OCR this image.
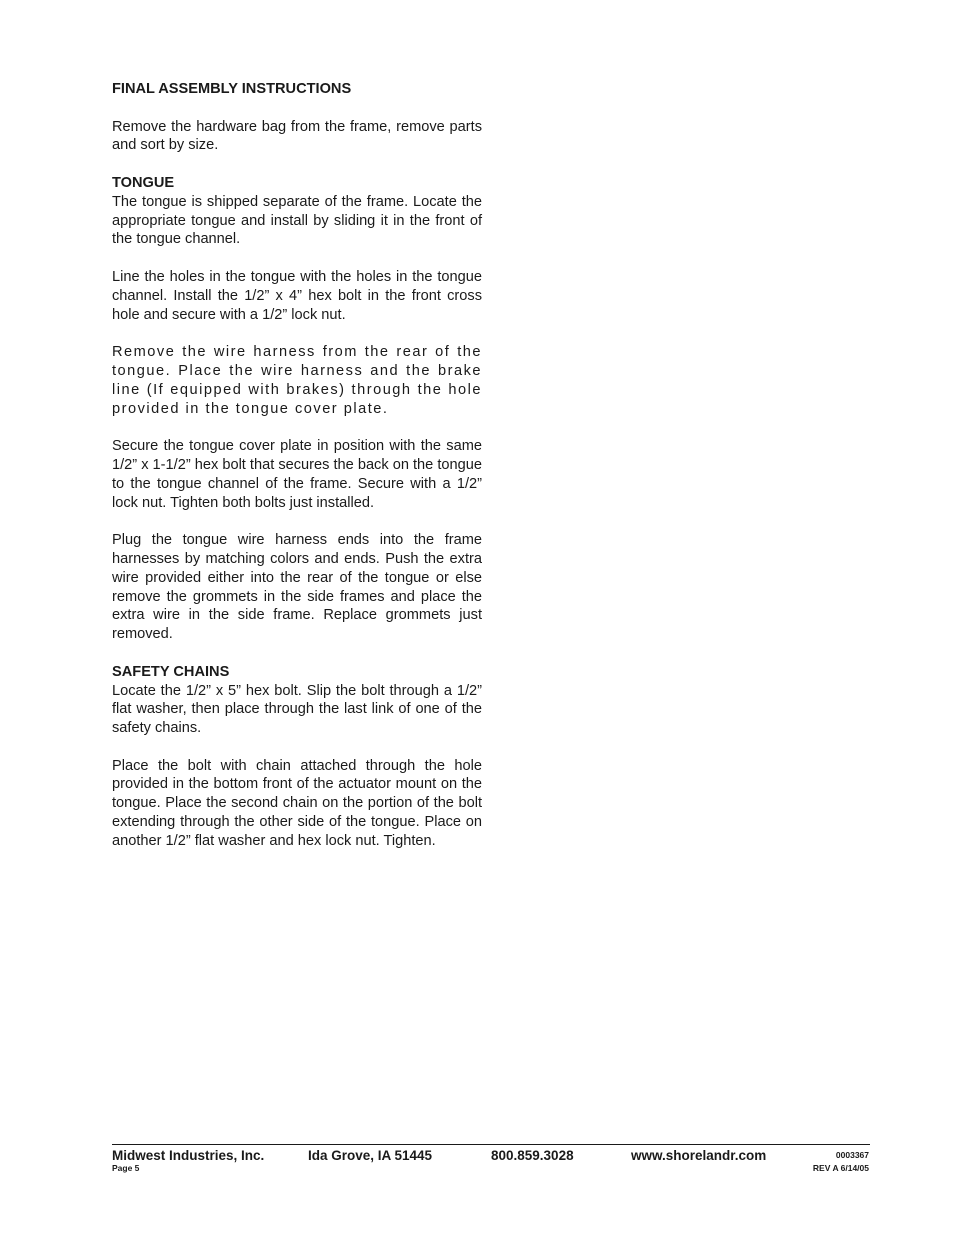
FINAL ASSEMBLY INSTRUCTIONS
Remove the hardware bag from the frame, remove parts and sort by size.
TONGUE
The tongue is shipped separate of the frame. Locate the appropriate tongue and install by sliding it in the front of the tongue channel.
Line the holes in the tongue with the holes in the tongue channel. Install the 1/2” x 4” hex bolt in the front cross hole and secure with a 1/2” lock nut.
Remove the wire harness from the rear of the tongue. Place the wire harness and the brake line (If equipped with brakes) through the hole provided in the tongue cover plate.
Secure the tongue cover plate in position with the same 1/2” x 1-1/2” hex bolt that secures the back on the tongue to the tongue channel of the frame. Secure with a 1/2” lock nut. Tighten both bolts just installed.
Plug the tongue wire harness ends into the frame harnesses by matching colors and ends. Push the extra wire provided either into the rear of the tongue or else remove the grommets in the side frames and place the extra wire in the side frame. Replace grommets just removed.
SAFETY CHAINS
Locate the 1/2” x 5” hex bolt. Slip the bolt through a 1/2” flat washer, then place through the last link of one of the safety chains.
Place the bolt with chain attached through the hole provided in the bottom front of the actuator mount on the tongue. Place the second chain on the portion of the bolt extending through the other side of the tongue. Place on another 1/2” flat washer and hex lock nut. Tighten.
Midwest Industries, Inc.	Ida Grove, IA 51445	800.859.3028	www.shorelandr.com
Page 5
0003367
REV A 6/14/05
